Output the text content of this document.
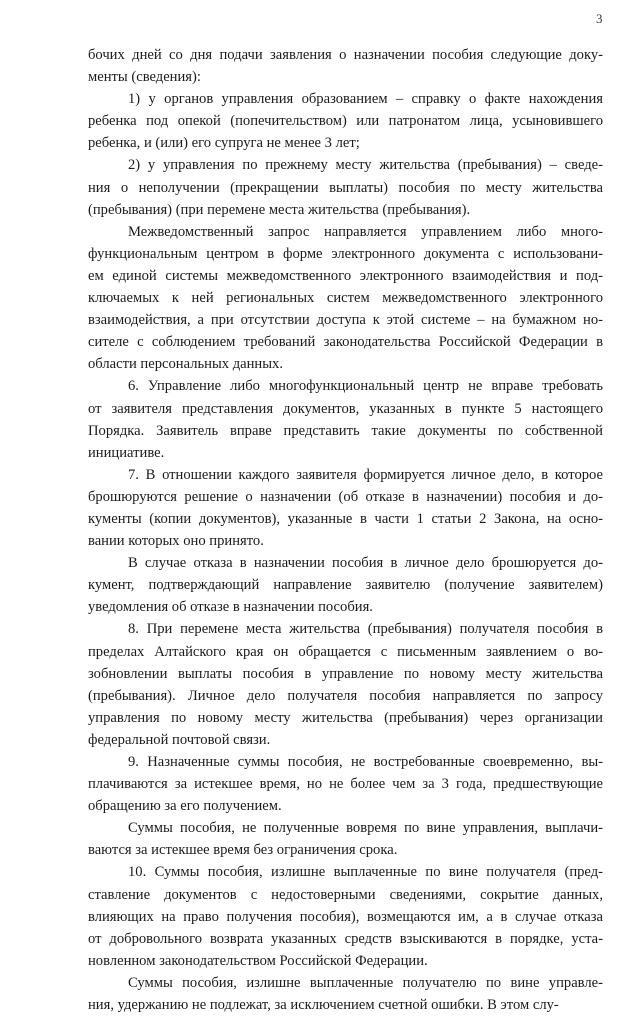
3
бочих дней со дня подачи заявления о назначении пособия следующие доку-
менты (сведения):
1) у органов управления образованием – справку о факте нахождения
ребенка под опекой (попечительством) или патронатом лица, усыновившего
ребенка, и (или) его супруга не менее 3 лет;
2) у управления по прежнему месту жительства (пребывания) – сведе-
ния о неполучении (прекращении выплаты) пособия по месту жительства
(пребывания) (при перемене места жительства (пребывания).
Межведомственный запрос направляется управлением либо много-
функциональным центром в форме электронного документа с использовани-
ем единой системы межведомственного электронного взаимодействия и под-
ключаемых к ней региональных систем межведомственного электронного
взаимодействия, а при отсутствии доступа к этой системе – на бумажном но-
сителе с соблюдением требований законодательства Российской Федерации в
области персональных данных.
6. Управление либо многофункциональный центр не вправе требовать
от заявителя представления документов, указанных в пункте 5 настоящего
Порядка. Заявитель вправе представить такие документы по собственной
инициативе.
7. В отношении каждого заявителя формируется личное дело, в которое
брошюруются решение о назначении (об отказе в назначении) пособия и до-
кументы (копии документов), указанные в части 1 статьи 2 Закона, на осно-
вании которых оно принято.
В случае отказа в назначении пособия в личное дело брошюруется до-
кумент, подтверждающий направление заявителю (получение заявителем)
уведомления об отказе в назначении пособия.
8. При перемене места жительства (пребывания) получателя пособия в
пределах Алтайского края он обращается с письменным заявлением о во-
зобновлении выплаты пособия в управление по новому месту жительства
(пребывания). Личное дело получателя пособия направляется по запросу
управления по новому месту жительства (пребывания) через организации
федеральной почтовой связи.
9. Назначенные суммы пособия, не востребованные своевременно, вы-
плачиваются за истекшее время, но не более чем за 3 года, предшествующие
обращению за его получением.
Суммы пособия, не полученные вовремя по вине управления, выплачи-
ваются за истекшее время без ограничения срока.
10. Суммы пособия, излишне выплаченные по вине получателя (пред-
ставление документов с недостоверными сведениями, сокрытие данных,
влияющих на право получения пособия), возмещаются им, а в случае отказа
от добровольного возврата указанных средств взыскиваются в порядке, уста-
новленном законодательством Российской Федерации.
Суммы пособия, излишне выплаченные получателю по вине управле-
ния, удержанию не подлежат, за исключением счетной ошибки. В этом слу-
